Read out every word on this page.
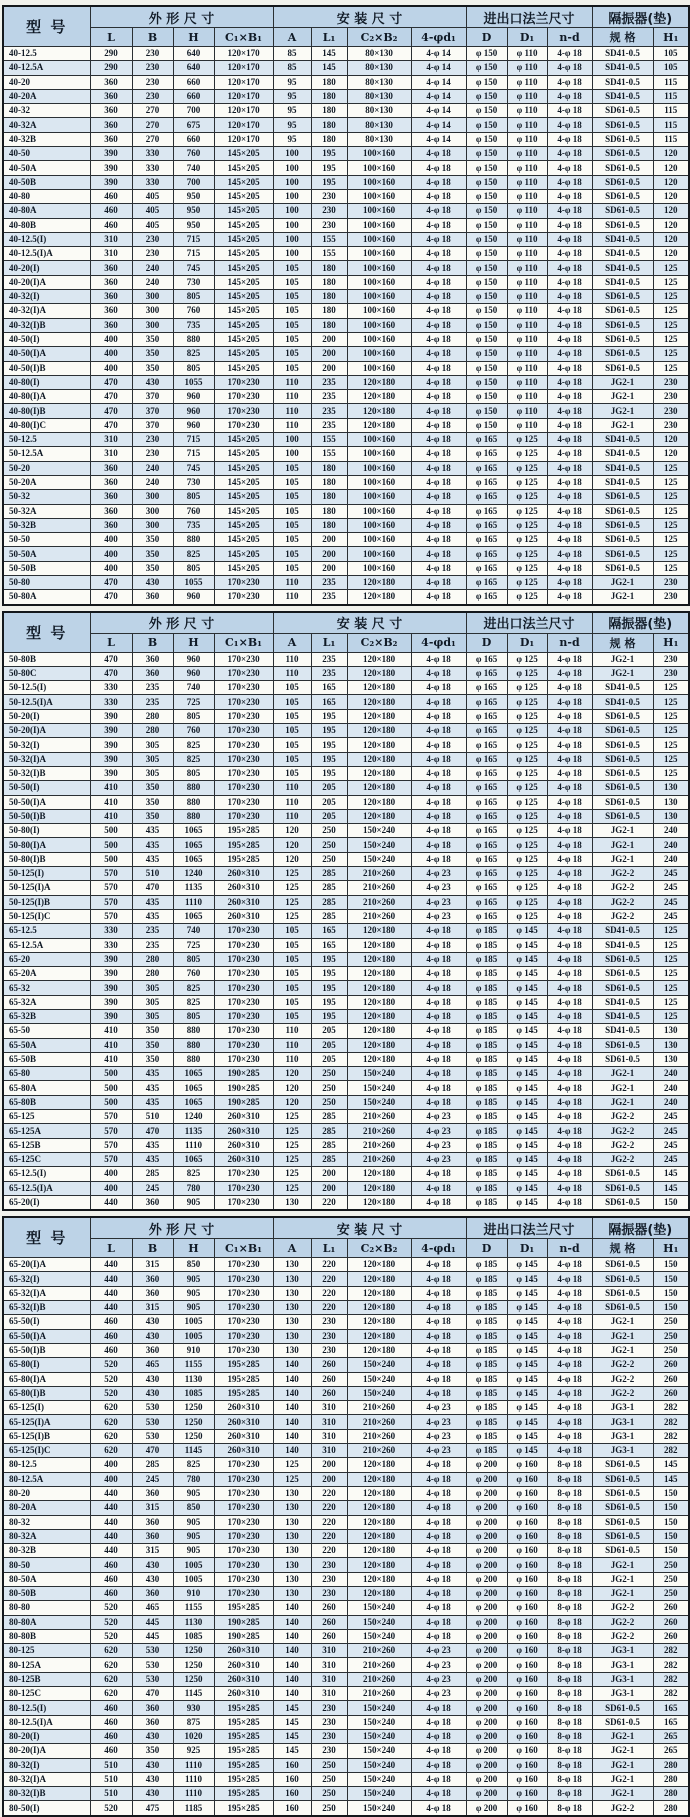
型 号	外 形 尺 寸				安 装 尺 寸				进出口法兰尺寸			隔振器(垫)	
	L	B	H	C₁×B₁	A	L₁	C₂×B₂	4-φd₁	D	D₁	n-d	规 格	H₁
40-12.5	290	230	640	120×170	85	145	80×130	4-φ 14	φ 150	φ 110	4-φ 18	SD41-0.5	105
40-12.5A	290	230	640	120×170	85	145	80×130	4-φ 14	φ 150	φ 110	4-φ 18	SD41-0.5	105
40-20	360	230	660	120×170	95	180	80×130	4-φ 14	φ 150	φ 110	4-φ 18	SD41-0.5	115
40-20A	360	230	660	120×170	95	180	80×130	4-φ 14	φ 150	φ 110	4-φ 18	SD41-0.5	115
40-32	360	270	700	120×170	95	180	80×130	4-φ 14	φ 150	φ 110	4-φ 18	SD61-0.5	115
40-32A	360	270	675	120×170	95	180	80×130	4-φ 14	φ 150	φ 110	4-φ 18	SD61-0.5	115
40-32B	360	270	660	120×170	95	180	80×130	4-φ 14	φ 150	φ 110	4-φ 18	SD61-0.5	115
40-50	390	330	760	145×205	100	195	100×160	4-φ 18	φ 150	φ 110	4-φ 18	SD61-0.5	120
40-50A	390	330	740	145×205	100	195	100×160	4-φ 18	φ 150	φ 110	4-φ 18	SD61-0.5	120
40-50B	390	330	700	145×205	100	195	100×160	4-φ 18	φ 150	φ 110	4-φ 18	SD61-0.5	120
40-80	460	405	950	145×205	100	230	100×160	4-φ 18	φ 150	φ 110	4-φ 18	SD61-0.5	120
40-80A	460	405	950	145×205	100	230	100×160	4-φ 18	φ 150	φ 110	4-φ 18	SD61-0.5	120
40-80B	460	405	950	145×205	100	230	100×160	4-φ 18	φ 150	φ 110	4-φ 18	SD61-0.5	120
40-12.5(I)	310	230	715	145×205	100	155	100×160	4-φ 18	φ 150	φ 110	4-φ 18	SD41-0.5	120
40-12.5(I)A	310	230	715	145×205	100	155	100×160	4-φ 18	φ 150	φ 110	4-φ 18	SD41-0.5	120
40-20(I)	360	240	745	145×205	105	180	100×160	4-φ 18	φ 150	φ 110	4-φ 18	SD41-0.5	125
40-20(I)A	360	240	730	145×205	105	180	100×160	4-φ 18	φ 150	φ 110	4-φ 18	SD41-0.5	125
40-32(I)	360	300	805	145×205	105	180	100×160	4-φ 18	φ 150	φ 110	4-φ 18	SD61-0.5	125
40-32(I)A	360	300	760	145×205	105	180	100×160	4-φ 18	φ 150	φ 110	4-φ 18	SD61-0.5	125
40-32(I)B	360	300	735	145×205	105	180	100×160	4-φ 18	φ 150	φ 110	4-φ 18	SD61-0.5	125
40-50(I)	400	350	880	145×205	105	200	100×160	4-φ 18	φ 150	φ 110	4-φ 18	SD61-0.5	125
40-50(I)A	400	350	825	145×205	105	200	100×160	4-φ 18	φ 150	φ 110	4-φ 18	SD61-0.5	125
40-50(I)B	400	350	805	145×205	105	200	100×160	4-φ 18	φ 150	φ 110	4-φ 18	SD61-0.5	125
40-80(I)	470	430	1055	170×230	110	235	120×180	4-φ 18	φ 150	φ 110	4-φ 18	JG2-1	230
40-80(I)A	470	370	960	170×230	110	235	120×180	4-φ 18	φ 150	φ 110	4-φ 18	JG2-1	230
40-80(I)B	470	370	960	170×230	110	235	120×180	4-φ 18	φ 150	φ 110	4-φ 18	JG2-1	230
40-80(I)C	470	370	960	170×230	110	235	120×180	4-φ 18	φ 150	φ 110	4-φ 18	JG2-1	230
50-12.5	310	230	715	145×205	100	155	100×160	4-φ 18	φ 165	φ 125	4-φ 18	SD41-0.5	120
50-12.5A	310	230	715	145×205	100	155	100×160	4-φ 18	φ 165	φ 125	4-φ 18	SD41-0.5	120
50-20	360	240	745	145×205	105	180	100×160	4-φ 18	φ 165	φ 125	4-φ 18	SD41-0.5	125
50-20A	360	240	730	145×205	105	180	100×160	4-φ 18	φ 165	φ 125	4-φ 18	SD41-0.5	125
50-32	360	300	805	145×205	105	180	100×160	4-φ 18	φ 165	φ 125	4-φ 18	SD61-0.5	125
50-32A	360	300	760	145×205	105	180	100×160	4-φ 18	φ 165	φ 125	4-φ 18	SD61-0.5	125
50-32B	360	300	735	145×205	105	180	100×160	4-φ 18	φ 165	φ 125	4-φ 18	SD61-0.5	125
50-50	400	350	880	145×205	105	200	100×160	4-φ 18	φ 165	φ 125	4-φ 18	SD61-0.5	125
50-50A	400	350	825	145×205	105	200	100×160	4-φ 18	φ 165	φ 125	4-φ 18	SD61-0.5	125
50-50B	400	350	805	145×205	105	200	100×160	4-φ 18	φ 165	φ 125	4-φ 18	SD61-0.5	125
50-80	470	430	1055	170×230	110	235	120×180	4-φ 18	φ 165	φ 125	4-φ 18	JG2-1	230
50-80A	470	360	960	170×230	110	235	120×180	4-φ 18	φ 165	φ 125	4-φ 18	JG2-1	230
型 号	外 形 尺 寸				安 装 尺 寸				进出口法兰尺寸			隔振器(垫)	
	L	B	H	C₁×B₁	A	L₁	C₂×B₂	4-φd₁	D	D₁	n-d	规 格	H₁
50-80B	470	360	960	170×230	110	235	120×180	4-φ 18	φ 165	φ 125	4-φ 18	JG2-1	230
50-80C	470	360	960	170×230	110	235	120×180	4-φ 18	φ 165	φ 125	4-φ 18	JG2-1	230
50-12.5(I)	330	235	740	170×230	105	165	120×180	4-φ 18	φ 165	φ 125	4-φ 18	SD41-0.5	125
50-12.5(I)A	330	235	725	170×230	105	165	120×180	4-φ 18	φ 165	φ 125	4-φ 18	SD41-0.5	125
50-20(I)	390	280	805	170×230	105	195	120×180	4-φ 18	φ 165	φ 125	4-φ 18	SD61-0.5	125
50-20(I)A	390	280	760	170×230	105	195	120×180	4-φ 18	φ 165	φ 125	4-φ 18	SD61-0.5	125
50-32(I)	390	305	825	170×230	105	195	120×180	4-φ 18	φ 165	φ 125	4-φ 18	SD61-0.5	125
50-32(I)A	390	305	825	170×230	105	195	120×180	4-φ 18	φ 165	φ 125	4-φ 18	SD61-0.5	125
50-32(I)B	390	305	805	170×230	105	195	120×180	4-φ 18	φ 165	φ 125	4-φ 18	SD61-0.5	125
50-50(I)	410	350	880	170×230	110	205	120×180	4-φ 18	φ 165	φ 125	4-φ 18	SD61-0.5	130
50-50(I)A	410	350	880	170×230	110	205	120×180	4-φ 18	φ 165	φ 125	4-φ 18	SD61-0.5	130
50-50(I)B	410	350	880	170×230	110	205	120×180	4-φ 18	φ 165	φ 125	4-φ 18	SD61-0.5	130
50-80(I)	500	435	1065	195×285	120	250	150×240	4-φ 18	φ 165	φ 125	4-φ 18	JG2-1	240
50-80(I)A	500	435	1065	195×285	120	250	150×240	4-φ 18	φ 165	φ 125	4-φ 18	JG2-1	240
50-80(I)B	500	435	1065	195×285	120	250	150×240	4-φ 18	φ 165	φ 125	4-φ 18	JG2-1	240
50-125(I)	570	510	1240	260×310	125	285	210×260	4-φ 23	φ 165	φ 125	4-φ 18	JG2-2	245
50-125(I)A	570	470	1135	260×310	125	285	210×260	4-φ 23	φ 165	φ 125	4-φ 18	JG2-2	245
50-125(I)B	570	435	1110	260×310	125	285	210×260	4-φ 23	φ 165	φ 125	4-φ 18	JG2-2	245
50-125(I)C	570	435	1065	260×310	125	285	210×260	4-φ 23	φ 165	φ 125	4-φ 18	JG2-2	245
65-12.5	330	235	740	170×230	105	165	120×180	4-φ 18	φ 185	φ 145	4-φ 18	SD41-0.5	125
65-12.5A	330	235	725	170×230	105	165	120×180	4-φ 18	φ 185	φ 145	4-φ 18	SD41-0.5	125
65-20	390	280	805	170×230	105	195	120×180	4-φ 18	φ 185	φ 145	4-φ 18	SD61-0.5	125
65-20A	390	280	760	170×230	105	195	120×180	4-φ 18	φ 185	φ 145	4-φ 18	SD61-0.5	125
65-32	390	305	825	170×230	105	195	120×180	4-φ 18	φ 185	φ 145	4-φ 18	SD61-0.5	125
65-32A	390	305	825	170×230	105	195	120×180	4-φ 18	φ 185	φ 145	4-φ 18	SD41-0.5	125
65-32B	390	305	805	170×230	105	195	120×180	4-φ 18	φ 185	φ 145	4-φ 18	SD41-0.5	125
65-50	410	350	880	170×230	110	205	120×180	4-φ 18	φ 185	φ 145	4-φ 18	SD41-0.5	130
65-50A	410	350	880	170×230	110	205	120×180	4-φ 18	φ 185	φ 145	4-φ 18	SD61-0.5	130
65-50B	410	350	880	170×230	110	205	120×180	4-φ 18	φ 185	φ 145	4-φ 18	SD61-0.5	130
65-80	500	435	1065	190×285	120	250	150×240	4-φ 18	φ 185	φ 145	4-φ 18	JG2-1	240
65-80A	500	435	1065	190×285	120	250	150×240	4-φ 18	φ 185	φ 145	4-φ 18	JG2-1	240
65-80B	500	435	1065	190×285	120	250	150×240	4-φ 18	φ 185	φ 145	4-φ 18	JG2-1	240
65-125	570	510	1240	260×310	125	285	210×260	4-φ 23	φ 185	φ 145	4-φ 18	JG2-2	245
65-125A	570	470	1135	260×310	125	285	210×260	4-φ 23	φ 185	φ 145	4-φ 18	JG2-2	245
65-125B	570	435	1110	260×310	125	285	210×260	4-φ 23	φ 185	φ 145	4-φ 18	JG2-2	245
65-125C	570	435	1065	260×310	125	285	210×260	4-φ 23	φ 185	φ 145	4-φ 18	JG2-2	245
65-12.5(I)	400	285	825	170×230	125	200	120×180	4-φ 18	φ 185	φ 145	4-φ 18	SD61-0.5	145
65-12.5(I)A	400	245	780	170×230	125	200	120×180	4-φ 18	φ 185	φ 145	4-φ 18	SD61-0.5	145
65-20(I)	440	360	905	170×230	130	220	120×180	4-φ 18	φ 185	φ 145	4-φ 18	SD61-0.5	150
型 号	外 形 尺 寸				安 装 尺 寸				进出口法兰尺寸			隔振器(垫)	
	L	B	H	C₁×B₁	A	L₁	C₂×B₂	4-φd₁	D	D₁	n-d	规 格	H₁
65-20(I)A	440	315	850	170×230	130	220	120×180	4-φ 18	φ 185	φ 145	4-φ 18	SD61-0.5	150
65-32(I)	440	360	905	170×230	130	220	120×180	4-φ 18	φ 185	φ 145	4-φ 18	SD61-0.5	150
65-32(I)A	440	360	905	170×230	130	220	120×180	4-φ 18	φ 185	φ 145	4-φ 18	SD61-0.5	150
65-32(I)B	440	315	905	170×230	130	220	120×180	4-φ 18	φ 185	φ 145	4-φ 18	SD61-0.5	150
65-50(I)	460	430	1005	170×230	130	230	120×180	4-φ 18	φ 185	φ 145	4-φ 18	JG2-1	250
65-50(I)A	460	430	1005	170×230	130	230	120×180	4-φ 18	φ 185	φ 145	4-φ 18	JG2-1	250
65-50(I)B	460	360	910	170×230	130	230	120×180	4-φ 18	φ 185	φ 145	4-φ 18	JG2-1	250
65-80(I)	520	465	1155	195×285	140	260	150×240	4-φ 18	φ 185	φ 145	4-φ 18	JG2-2	260
65-80(I)A	520	430	1130	195×285	140	260	150×240	4-φ 18	φ 185	φ 145	4-φ 18	JG2-2	260
65-80(I)B	520	430	1085	195×285	140	260	150×240	4-φ 18	φ 185	φ 145	4-φ 18	JG2-2	260
65-125(I)	620	530	1250	260×310	140	310	210×260	4-φ 23	φ 185	φ 145	4-φ 18	JG3-1	282
65-125(I)A	620	530	1250	260×310	140	310	210×260	4-φ 23	φ 185	φ 145	4-φ 18	JG3-1	282
65-125(I)B	620	530	1250	260×310	140	310	210×260	4-φ 23	φ 185	φ 145	4-φ 18	JG3-1	282
65-125(I)C	620	470	1145	260×310	140	310	210×260	4-φ 23	φ 185	φ 145	4-φ 18	JG3-1	282
80-12.5	400	285	825	170×230	125	200	120×180	4-φ 18	φ 200	φ 160	8-φ 18	SD61-0.5	145
80-12.5A	400	245	780	170×230	125	200	120×180	4-φ 18	φ 200	φ 160	8-φ 18	SD61-0.5	145
80-20	440	360	905	170×230	130	220	120×180	4-φ 18	φ 200	φ 160	8-φ 18	SD61-0.5	150
80-20A	440	315	850	170×230	130	220	120×180	4-φ 18	φ 200	φ 160	8-φ 18	SD61-0.5	150
80-32	440	360	905	170×230	130	220	120×180	4-φ 18	φ 200	φ 160	8-φ 18	SD61-0.5	150
80-32A	440	360	905	170×230	130	220	120×180	4-φ 18	φ 200	φ 160	8-φ 18	SD61-0.5	150
80-32B	440	315	905	170×230	130	220	120×180	4-φ 18	φ 200	φ 160	8-φ 18	SD61-0.5	150
80-50	460	430	1005	170×230	130	230	120×180	4-φ 18	φ 200	φ 160	8-φ 18	JG2-1	250
80-50A	460	430	1005	170×230	130	230	120×180	4-φ 18	φ 200	φ 160	8-φ 18	JG2-1	250
80-50B	460	360	910	170×230	130	230	120×180	4-φ 18	φ 200	φ 160	8-φ 18	JG2-1	250
80-80	520	465	1155	195×285	140	260	150×240	4-φ 18	φ 200	φ 160	8-φ 18	JG2-2	260
80-80A	520	445	1130	190×285	140	260	150×240	4-φ 18	φ 200	φ 160	8-φ 18	JG2-2	260
80-80B	520	445	1085	190×285	140	260	150×240	4-φ 18	φ 200	φ 160	8-φ 18	JG2-2	260
80-125	620	530	1250	260×310	140	310	210×260	4-φ 23	φ 200	φ 160	8-φ 18	JG3-1	282
80-125A	620	530	1250	260×310	140	310	210×260	4-φ 23	φ 200	φ 160	8-φ 18	JG3-1	282
80-125B	620	530	1250	260×310	140	310	210×260	4-φ 23	φ 200	φ 160	8-φ 18	JG3-1	282
80-125C	620	470	1145	260×310	140	310	210×260	4-φ 23	φ 200	φ 160	8-φ 18	JG3-1	282
80-12.5(I)	460	360	930	195×285	145	230	150×240	4-φ 18	φ 200	φ 160	8-φ 18	SD61-0.5	165
80-12.5(I)A	460	360	875	195×285	145	230	150×240	4-φ 18	φ 200	φ 160	8-φ 18	SD61-0.5	165
80-20(I)	460	430	1020	195×285	145	230	150×240	4-φ 18	φ 200	φ 160	8-φ 18	JG2-1	265
80-20(I)A	460	350	925	195×285	145	230	150×240	4-φ 18	φ 200	φ 160	8-φ 18	JG2-1	265
80-32(I)	510	430	1110	195×285	160	250	150×240	4-φ 18	φ 200	φ 160	8-φ 18	JG2-1	280
80-32(I)A	510	430	1110	195×285	160	250	150×240	4-φ 18	φ 200	φ 160	8-φ 18	JG2-1	280
80-32(I)B	510	430	1110	195×285	160	250	150×240	4-φ 18	φ 200	φ 160	8-φ 18	JG2-1	280
80-50(I)	520	475	1185	195×285	160	250	150×240	4-φ 18	φ 200	φ 160	8-φ 18	JG2-2	280
